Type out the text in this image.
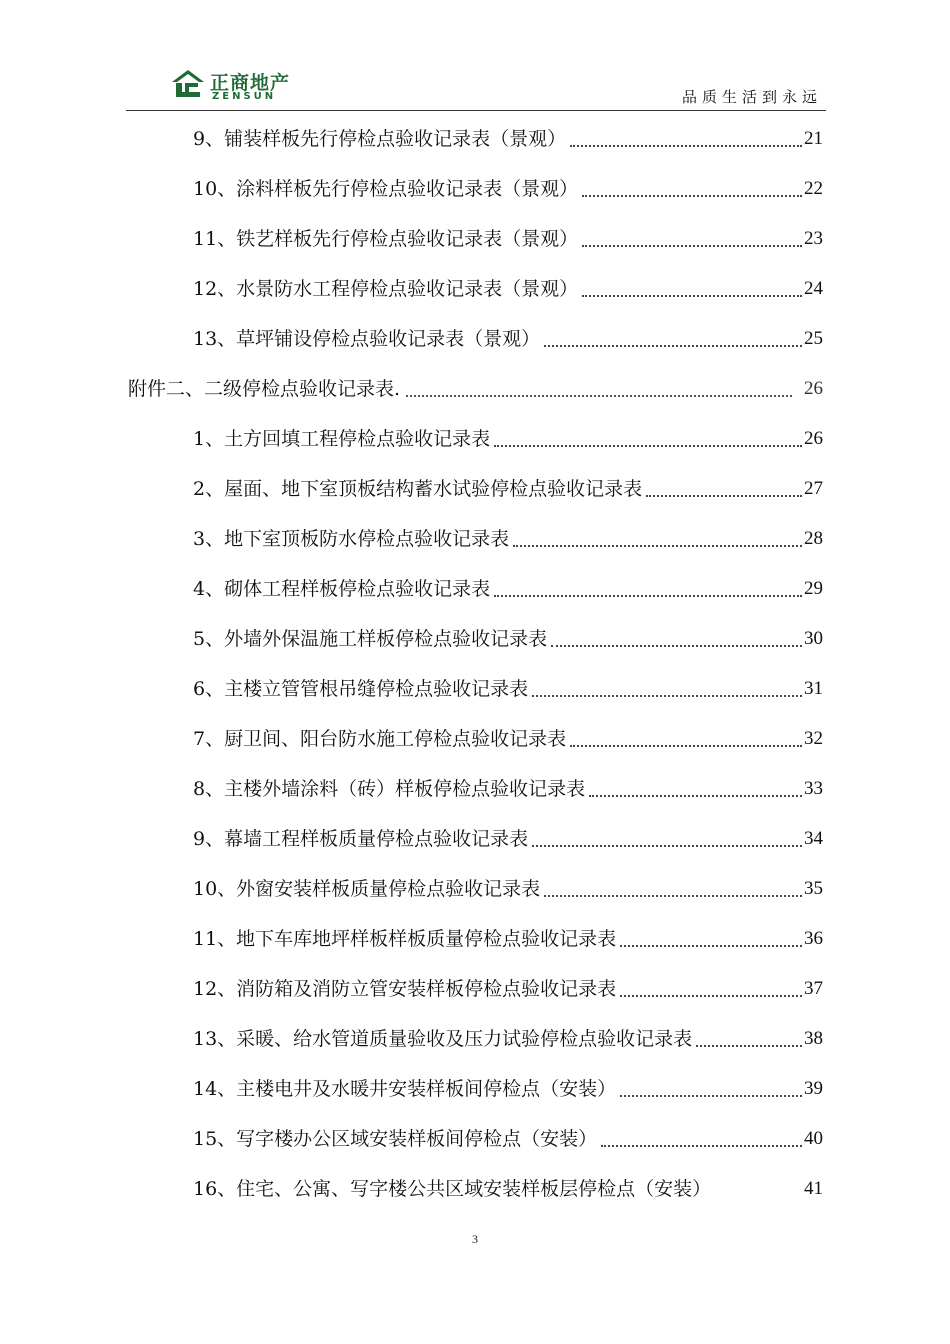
正商地产
ZENSUN	品质生活到永远
9、铺装样板先行停检点验收记录表（景观）	21
10、涂料样板先行停检点验收记录表（景观）	22
11、铁艺样板先行停检点验收记录表（景观）	23
12、水景防水工程停检点验收记录表（景观）	24
13、草坪铺设停检点验收记录表（景观）	25
附件二、二级停检点验收记录表.	26
1、土方回填工程停检点验收记录表	26
2、屋面、地下室顶板结构蓄水试验停检点验收记录表	27
3、地下室顶板防水停检点验收记录表	28
4、砌体工程样板停检点验收记录表	29
5、外墙外保温施工样板停检点验收记录表	30
6、主楼立管管根吊缝停检点验收记录表	31
7、厨卫间、阳台防水施工停检点验收记录表	32
8、主楼外墙涂料（砖）样板停检点验收记录表	33
9、幕墙工程样板质量停检点验收记录表	34
10、外窗安装样板质量停检点验收记录表	35
11、地下车库地坪样板样板质量停检点验收记录表	36
12、消防箱及消防立管安装样板停检点验收记录表	37
13、采暖、给水管道质量验收及压力试验停检点验收记录表	38
14、主楼电井及水暖井安装样板间停检点（安装）	39
15、写字楼办公区域安装样板间停检点（安装）	40
16、住宅、公寓、写字楼公共区域安装样板层停检点（安装）	41
3
